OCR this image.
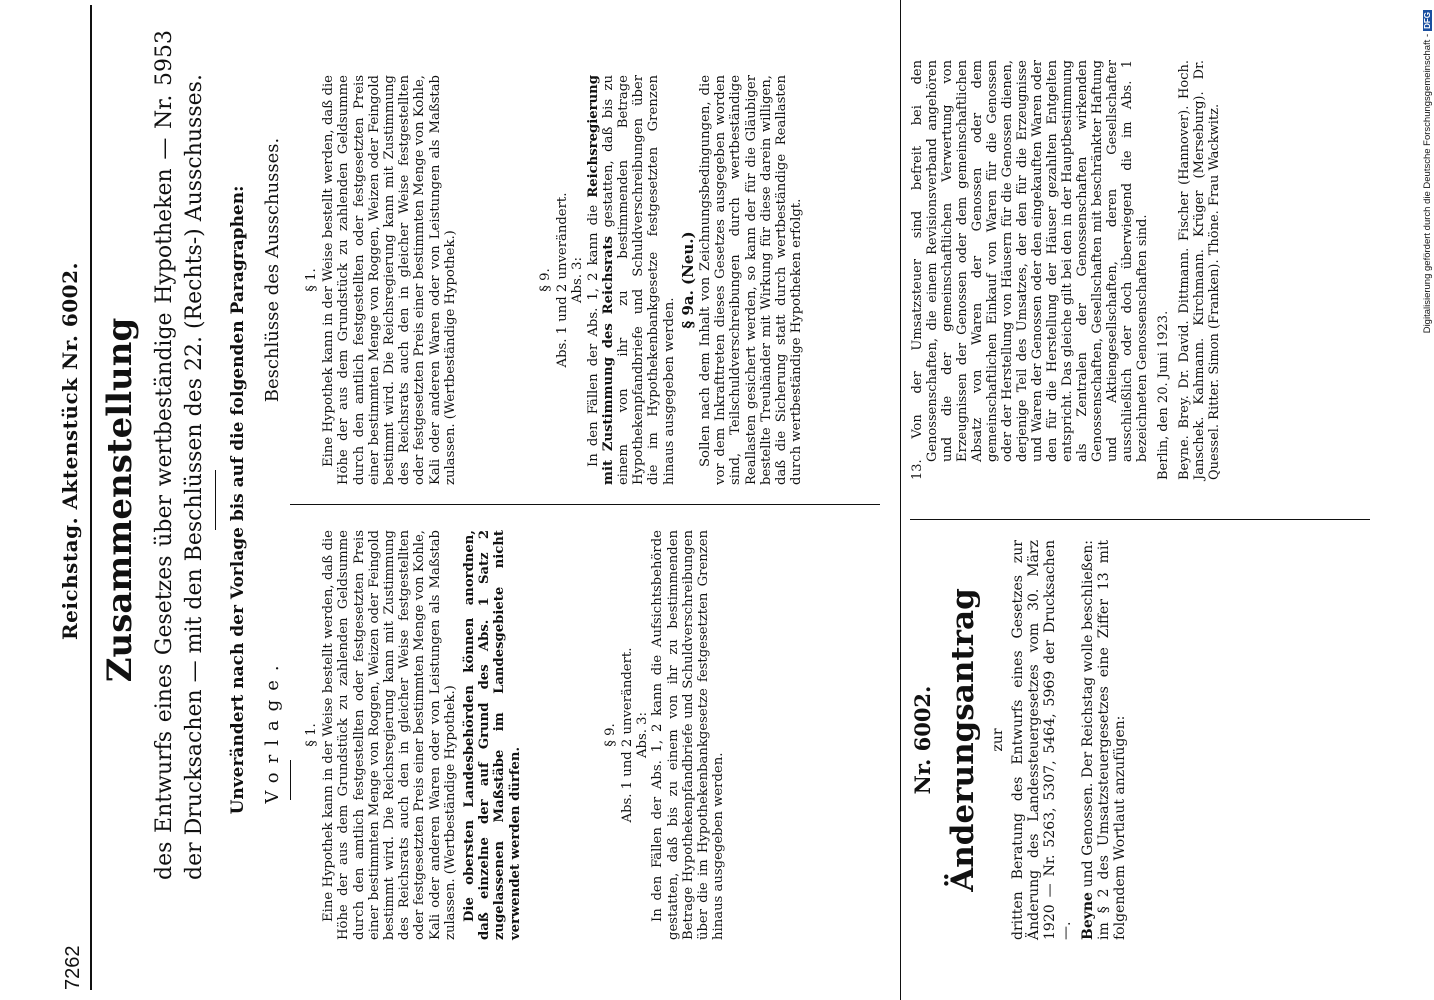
7262
Reichstag. Aktenstück Nr. 6002. Zusammenstellung des Entwurfs eines Gesetzes über wertbeständige Hypotheken — Nr. 5953 der Drucksachen — mit den Beschlüssen des 22. (Rechts-) Ausschusses. Unverändert nach der Vorlage bis auf die folgenden Paragraphen: Vorlage.
Beschlüsse des Ausschusses.
§ 1. Eine Hypothek kann in der Weise bestellt werden, daß die Höhe der aus dem Grundstück zu zahlenden Geldsumme durch den amtlich festgestellten oder festgesetzten Preis einer bestimmten Menge von Roggen, Weizen oder Feingold bestimmt wird. Die Reichsregierung kann mit Zustimmung des Reichsrats auch den in gleicher Weise festgestellten oder festgesetzten Preis einer bestimmten Menge von Kohle, Kali oder anderen Waren oder von Leistungen als Maßstab zulassen. (Wertbeständige Hypothek.) Die obersten Landesbehörden können anordnen, daß einzelne der auf Grund des Abs. 1 Satz 2 zugelassenen Maßstäbe im Landesgebiete nicht verwendet werden dürfen.

§ 9. Abs. 1 und 2 unverändert. Abs. 3: In den Fällen der Abs. 1, 2 kann die Aufsichtsbehörde gestatten, daß bis zu einem von ihr zu bestimmenden Betrage Hypothekenpfandbriefe und Schuldverschreibungen über die im Hypothekenbankgesetze festgesetzten Grenzen hinaus ausgegeben werden.

§ 1. Eine Hypothek kann in der Weise bestellt werden, daß die Höhe der aus dem Grundstück zu zahlenden Geldsumme durch den amtlich festgestellten oder festgesetzten Preis einer bestimmten Menge von Roggen, Weizen oder Feingold bestimmt wird. Die Reichsregierung kann mit Zustimmung des Reichsrats auch den in gleicher Weise festgestellten oder festgesetzten Preis einer bestimmten Menge von Kohle, Kali oder anderen Waren oder von Leistungen als Maßstab zulassen. (Wertbeständige Hypothek.)	§ 9. Abs. 1 und 2 unverändert. Abs. 3: In den Fällen der Abs. 1, 2 kann die Reichsregierung mit Zustimmung des Reichsrats gestatten, daß bis zu einem von ihr zu bestimmenden Betrage Hypothekenpfandbriefe und Schuldverschreibungen über die im Hypothekenbankgesetze festgesetzten Grenzen hinaus ausgegeben werden.

§ 9a. (Neu.) Sollen nach dem Inhalt von Zeichnungsbedingungen, die vor dem Inkrafttreten dieses Gesetzes ausgegeben worden sind, Teilschuldverschreibungen durch wertbeständige Reallasten gesichert werden, so kann der für die Gläubiger bestellte Treuhänder mit Wirkung für diese darein willigen, daß die Sicherung statt durch wertbeständige Reallasten durch wertbeständige Hypotheken erfolgt.

Nr. 6002. Änderungsantrag zur dritten Beratung des Entwurfs eines Gesetzes zur Änderung des Landessteuergesetzes vom 30. März 1920 — Nr. 5263, 5307, 5464, 5969 der Drucksachen —. Beyne und Genossen. Der Reichstag wolle beschließen: im § 2 des Umsatzsteuergesetzes eine Ziffer 13 mit folgendem Wortlaut anzufügen:

13. Von der Umsatzsteuer sind befreit bei den Genossenschaften, die einem Revisionsverband angehören und die der gemeinschaftlichen Verwertung von Erzeugnissen der Genossen oder dem gemeinschaftlichen Absatz von Waren der Genossen oder dem gemeinschaftlichen Einkauf von Waren für die Genossen oder der Herstellung von Häusern für die Genossen dienen, derjenige Teil des Umsatzes, der den für die Erzeugnisse und Waren der Genossen oder den eingekauften Waren oder den für die Herstellung der Häuser gezahlten Entgelten entspricht. Das gleiche gilt bei den in der Hauptbestimmung als Zentralen der Genossenschaften wirkenden Genossenschaften, Gesellschaften mit beschränkter Haftung und Aktiengesellschaften, deren Gesellschafter ausschließlich oder doch überwiegend die im Abs. 1 bezeichneten Genossenschaften sind. Berlin, den 20. Juni 1923. Beyne. Brey. Dr. David. Dittmann. Fischer (Hannover). Hoch. Janschek. Kahmann. Kirchmann. Krüger (Merseburg). Dr. Quessel. Ritter. Simon (Franken). Thöne. Frau Wackwitz.	Digitalisierung gefördert durch die Deutsche Forschungsgemeinschaft -
DFG
